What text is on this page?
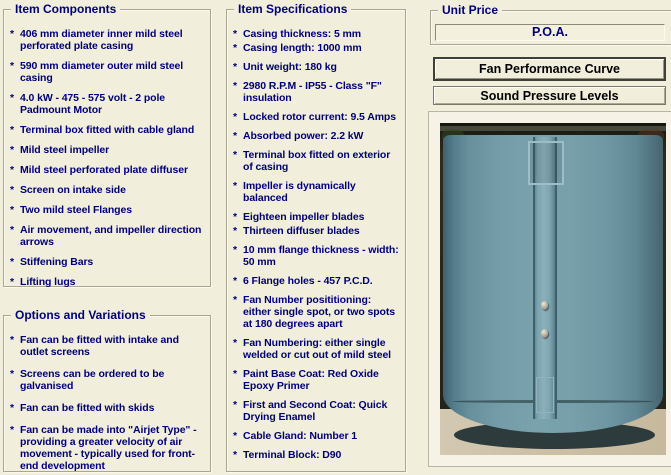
Item Components
* 406 mm diameter inner mild steel perforated plate casing
* 590 mm diameter outer mild steel casing
* 4.0 kW - 475 - 575 volt - 2 pole Padmount Motor
* Terminal box fitted with cable gland
* Mild steel impeller
* Mild steel perforated plate diffuser
* Screen on intake side
* Two mild steel Flanges
* Air movement, and impeller direction arrows
* Stiffening Bars
* Lifting lugs
Options and Variations
* Fan can be fitted with intake and outlet screens
* Screens can be ordered to be galvanised
* Fan can be fitted with skids
* Fan can be made into "Airjet Type" - providing a greater velocity of air movement - typically used for front-end development
Item Specifications
* Casing thickness: 5 mm
* Casing length: 1000 mm
* Unit weight: 180 kg
* 2980 R.P.M - IP55 - Class "F" insulation
* Locked rotor current: 9.5 Amps
* Absorbed power: 2.2 kW
* Terminal box fitted on exterior of casing
* Impeller is dynamically balanced
* Eighteen impeller blades
* Thirteen diffuser blades
* 10 mm flange thickness - width: 50 mm
* 6 Flange holes - 457 P.C.D.
* Fan Number posititioning: either single spot, or two spots at 180 degrees apart
* Fan Numbering: either single welded or cut out of mild steel
* Paint Base Coat: Red Oxide Epoxy Primer
* First and Second Coat: Quick Drying Enamel
* Cable Gland: Number 1
* Terminal Block: D90
Unit Price
P.O.A.
Fan Performance Curve
Sound Pressure Levels
